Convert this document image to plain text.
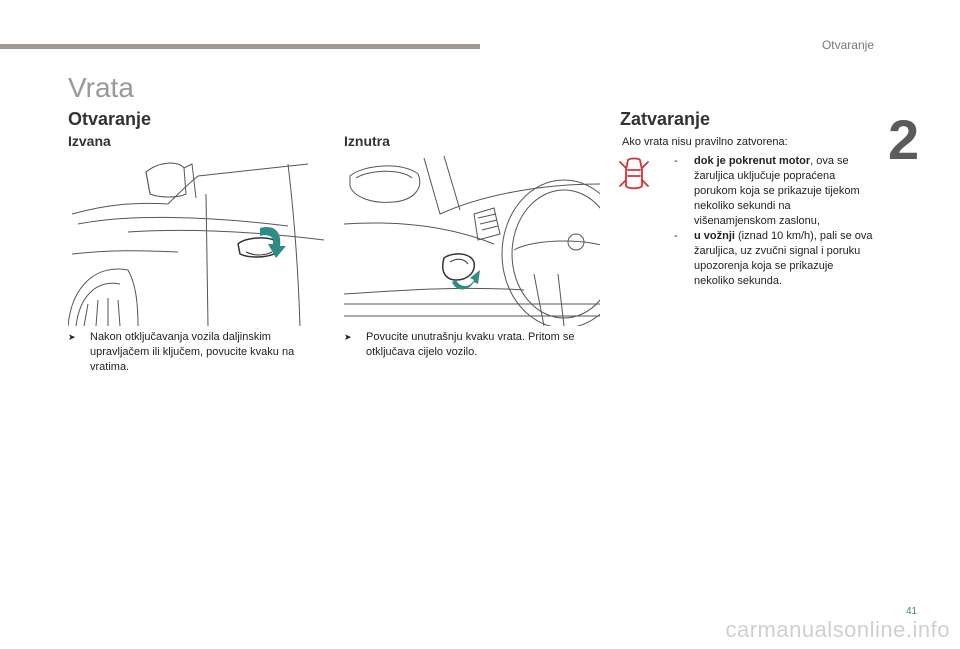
Otvaranje
2
Vrata
Otvaranje
Izvana	Iznutra
Zatvaranje
➤	Nakon otključavanja vozila daljinskim upravljačem ili ključem, povucite kvaku na vratima.
➤	Povucite unutrašnju kvaku vrata. Pritom se otključava cijelo vozilo.
Ako vrata nisu pravilno zatvorena:
- dok je pokrenut motor, ova se žaruljica uključuje popraćena porukom koja se prikazuje tijekom nekoliko sekundi na višenamjenskom zaslonu,
- u vožnji (iznad 10 km/h), pali se ova žaruljica, uz zvučni signal i poruku upozorenja koja se prikazuje nekoliko sekunda.
41
carmanualsonline.info
